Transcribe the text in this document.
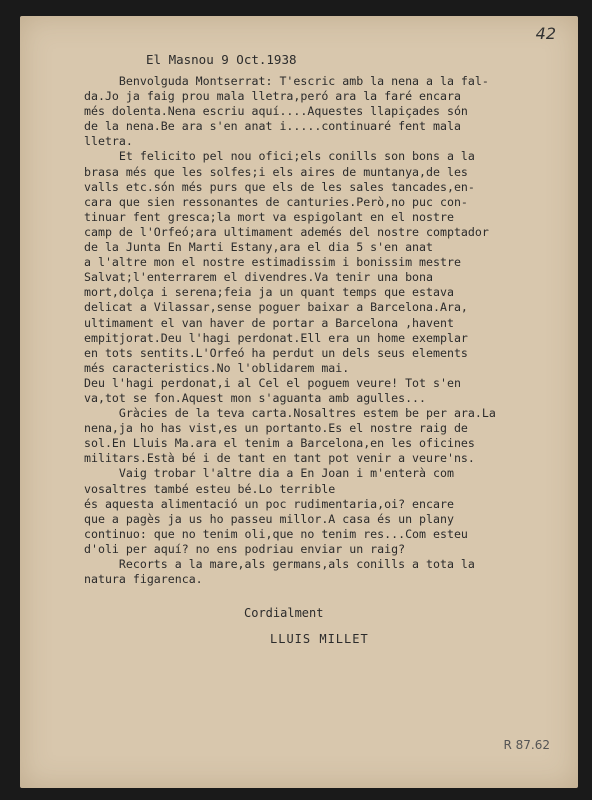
42
El Masnou 9 Oct.1938
Benvolguda Montserrat: T'escric amb la nena a la fal-
da.Jo ja faig prou mala lletra,peró ara la faré encara
més dolenta.Nena escriu aquí....Aquestes llapiçades són
de la nena.Be ara s'en anat i.....continuaré fent mala
lletra.
Et felicito pel nou ofici;els conills son bons a la
brasa més que les solfes;i els aires de muntanya,de les
valls etc.són més purs que els de les sales tancades,en-
cara que sien ressonantes de canturies.Però,no puc con-
tinuar fent gresca;la mort va espigolant en el nostre
camp de l'Orfeó;ara ultimament ademés del nostre comptador
de la Junta En Marti Estany,ara el dia 5 s'en anat
a l'altre mon el nostre estimadissim i bonissim mestre
Salvat;l'enterrarem el divendres.Va tenir una bona
mort,dolça i serena;feia ja un quant temps que estava
delicat a Vilassar,sense poguer baixar a Barcelona.Ara,
ultimament el van haver de portar a Barcelona ,havent
empitjorat.Deu l'hagi perdonat.Ell era un home exemplar
en tots sentits.L'Orfeó ha perdut un dels seus elements
més caracteristics.No l'oblidarem mai.
Deu l'hagi perdonat,i al Cel el poguem veure! Tot s'en
va,tot se fon.Aquest mon s'aguanta amb agulles...
Gràcies de la teva carta.Nosaltres estem be per ara.La
nena,ja ho has vist,es un portanto.Es el nostre raig de
sol.En Lluis Ma.ara el tenim a Barcelona,en les oficines
militars.Està bé i de tant en tant pot venir a veure'ns.
Vaig trobar l'altre dia a En Joan i m'enterà com
vosaltres també esteu bé.Lo terrible
és aquesta alimentació un poc rudimentaria,oi? encare
que a pagès ja us ho passeu millor.A casa és un plany
continuo: que no tenim oli,que no tenim res...Com esteu
d'oli per aquí? no ens podriau enviar un raig?
Recorts a la mare,als germans,als conills a tota la
natura figarenca.
Cordialment
LLUIS MILLET
R 87.62
